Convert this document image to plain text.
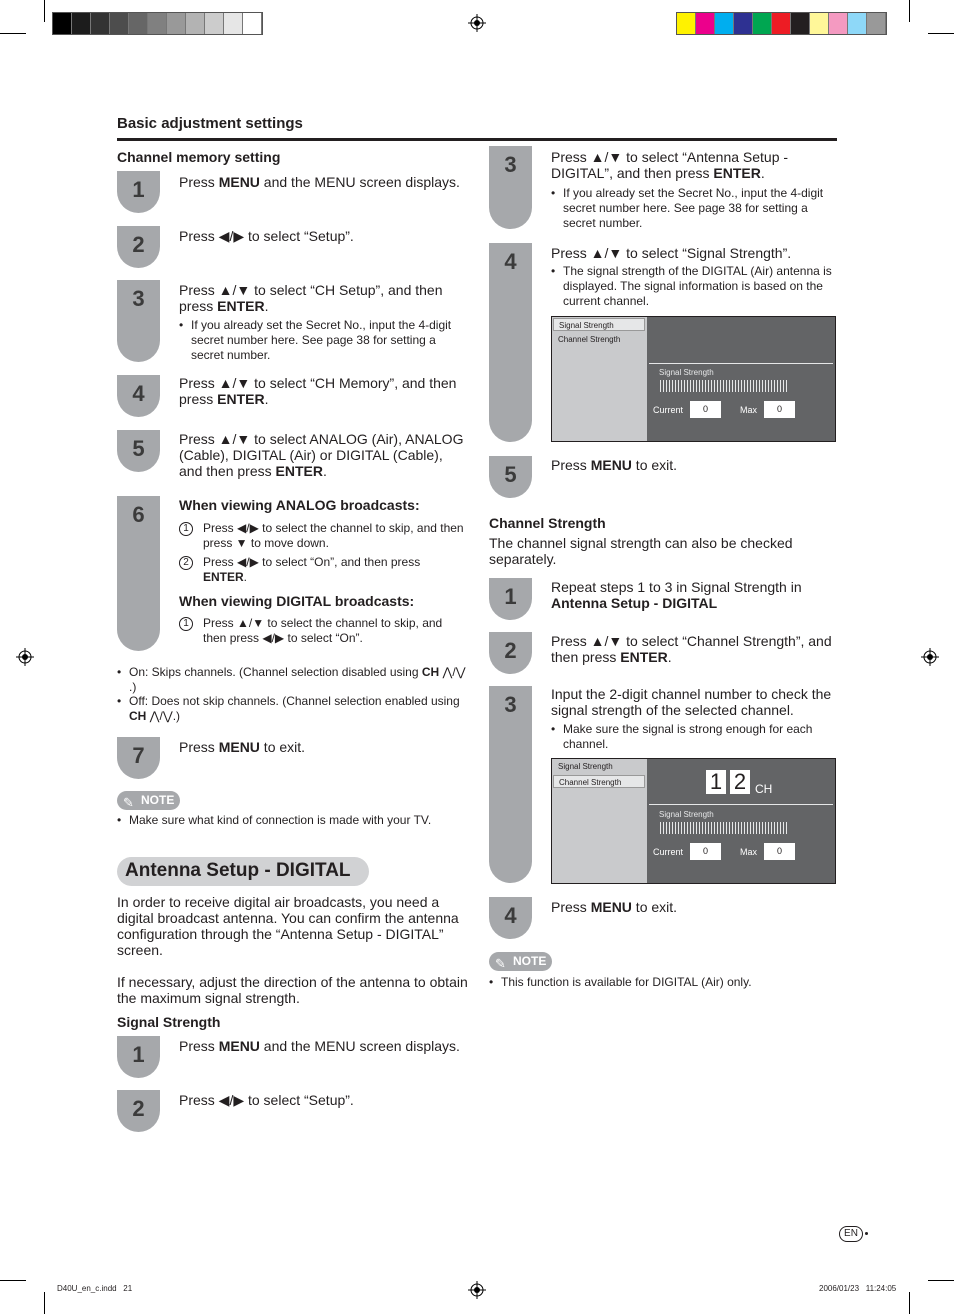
Basic adjustment settings
Channel memory setting
1	Press MENU and the MENU screen displays.
2	Press ◀/▶ to select “Setup”.
3	Press ▲/▼ to select “CH Setup”, and then press ENTER.
• If you already set the Secret No., input the 4-digit secret number here. See page 38 for setting a secret number.
4	Press ▲/▼ to select “CH Memory”, and then press ENTER.
5	Press ▲/▼ to select ANALOG (Air), ANALOG (Cable), DIGITAL (Air) or DIGITAL (Cable), and then press ENTER.
6	When viewing ANALOG broadcasts:
1	Press ◀/▶ to select the channel to skip, and then press ▼ to move down.
2	Press ◀/▶ to select “On”, and then press ENTER.
When viewing DIGITAL broadcasts:
1	Press ▲/▼ to select the channel to skip, and then press ◀/▶ to select “On”.
• On: Skips channels. (Channel selection disabled using CH ⋀/⋁ .)
• Off: Does not skip channels. (Channel selection enabled using CH ⋀/⋁.)
7	Press MENU to exit.
✎ NOTE
• Make sure what kind of connection is made with your TV.
Antenna Setup - DIGITAL
In order to receive digital air broadcasts, you need a digital broadcast antenna. You can confirm the antenna configuration through the “Antenna Setup - DIGITAL” screen.
If necessary, adjust the direction of the antenna to obtain the maximum signal strength.
Signal Strength
1	Press MENU and the MENU screen displays.
2	Press ◀/▶ to select “Setup”.
3	Press ▲/▼ to select “Antenna Setup - DIGITAL”, and then press ENTER.
• If you already set the Secret No., input the 4-digit secret number here. See page 38 for setting a secret number.
4	Press ▲/▼ to select “Signal Strength”.
• The signal strength of the DIGITAL (Air) antenna is displayed. The signal information is based on the current channel.
Signal Strength
Channel Strength
Signal Strength
Current	0	Max	0
5	Press MENU to exit.
Channel Strength
The channel signal strength can also be checked separately.
1	Repeat steps 1 to 3 in Signal Strength in Antenna Setup - DIGITAL
2	Press ▲/▼ to select “Channel Strength”, and then press ENTER.
3	Input the 2-digit channel number to check the signal strength of the selected channel.
• Make sure the signal is strong enough for each channel.
Signal Strength
Channel Strength	1 2 CH
Signal Strength
Current	0	Max	0
4	Press MENU to exit.
✎ NOTE
• This function is available for DIGITAL (Air) only.
EN
D40U_en_c.indd   21	2006/01/23   11:24:05
